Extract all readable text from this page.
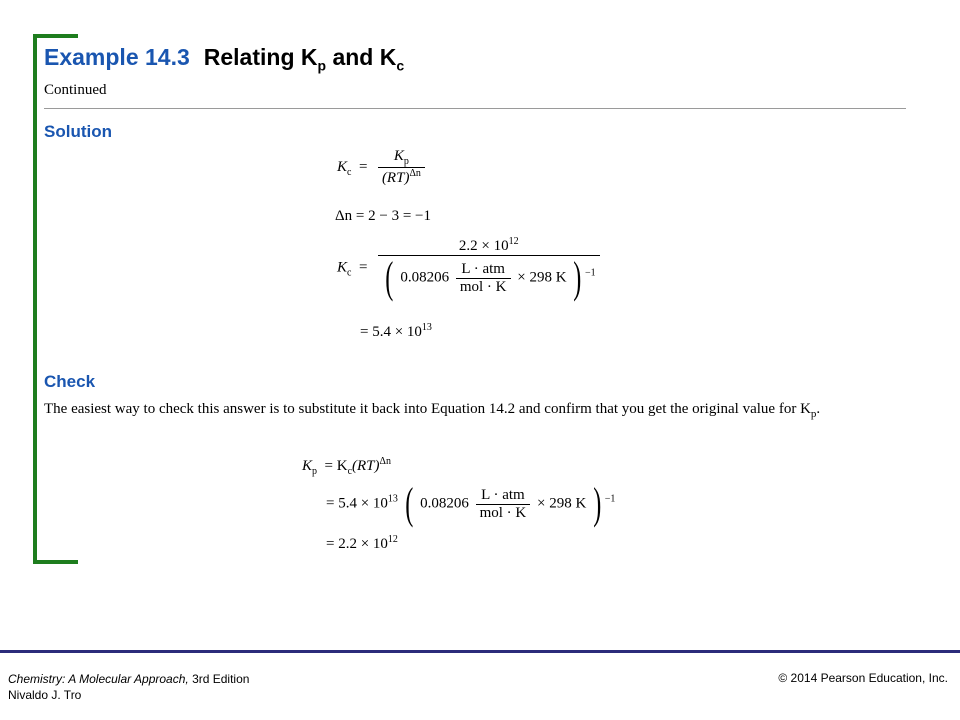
Example 14.3 Relating $K_p$ and $K_c$
Continued
Solution
$K_c = \frac{K_p}{(RT)^{\Delta n}}$
Δn = 2 − 3 = −1
$K_c$  =
$2.2 \times 10^{12}$
( $0.08206 \frac{\text{L · atm}}{\text{mol · K}} \times 298$ K ) $^{-1}$
= $5.4 \times 10^{13}$
Check
The easiest way to check this answer is to substitute it back into Equation 14.2 and confirm that you get the original value for $K_p$.
$K_p = K_c(RT)^{\Delta n}$
= $5.4 \times 10^{13}$ ( $0.08206 \frac{\text{L · atm}}{\text{mol · K}} \times 298$ K ) $^{-1}$
= $2.2 \times 10^{12}$
Chemistry: A Molecular Approach, 3rd Edition
Nivaldo J. Tro
© 2014 Pearson Education, Inc.
